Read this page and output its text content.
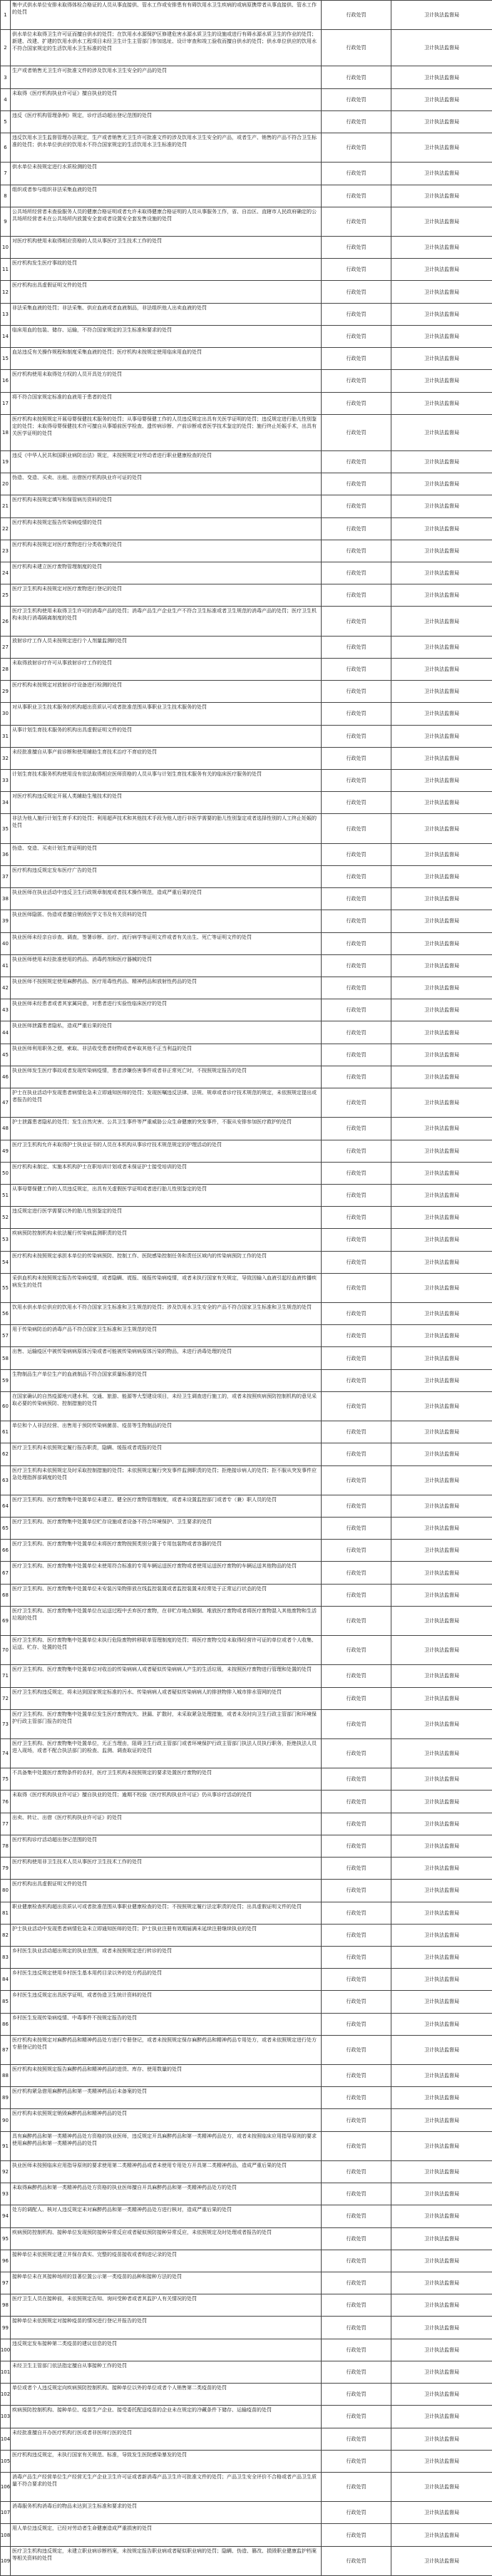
1
集中式供水单位安排未取得体检合格证的人员从事直接供、管水工作或安排患有有碍饮用水卫生疾病的或病原携带者从事直接供、管水工作的处罚
行政处罚	卫计执法监督局
2
供水单位未取得卫生许可证而擅自供水的处罚；在饮用水水源保护区修建危害水源水质卫生的设施或进行有碍水源水质卫生的作业的处罚；新建、改建、扩建的饮用水供水工程项目未经卫生计生主管部门参加选址、设计审查和竣工验收而擅自供水的处罚；供水单位供应的饮用水不符合国家规定的生活饮用水卫生标准的处罚	行政处罚	卫计执法监督局
3
生产或者销售无卫生许可批准文件的涉及饮用水卫生安全的产品的处罚
行政处罚	卫计执法监督局
4
未取得《医疗机构执业许可证》擅自执业的处罚
行政处罚	卫计执法监督局
5
违反《医疗机构管理条例》规定，诊疗活动超出登记范围的处罚
行政处罚	卫计执法监督局
6
违反饮用水卫生监督管理办法规定，生产或者销售无卫生许可批准文件的涉及饮用水卫生安全的产品，或者生产、销售的产品不符合卫生标准的处罚；供水单位供应的饮用水不符合国家规定的生活饮用水卫生标准的处罚
行政处罚	卫计执法监督局
7
供水单位未按规定进行水质检测的处罚
行政处罚	卫计执法监督局
8
组织或者参与组织非法采集血液的处罚
行政处罚	卫计执法监督局
9
公共场所经营者未查验服务人员的健康合格证明或者允许未取得健康合格证明的人员从事服务工作，省、自治区、直辖市人民政府确定的公共场所经营者未在公共场所内放置安全套或者设置安全套发售设施的处罚
行政处罚	卫计执法监督局
10
对医疗机构使用未取得相应资格的人员从事医疗卫生技术工作的处罚
行政处罚	卫计执法监督局
11
医疗机构发生医疗事故的处罚
行政处罚	卫计执法监督局
12
医疗机构出具虚假证明文件的处罚
行政处罚	卫计执法监督局
13
非法采集血液的处罚；非法采集、供应血液或者血液制品，非法组织他人出卖血液的处罚
行政处罚	卫计执法监督局
14
临床用血的包装、储存、运输，不符合国家规定的卫生标准和要求的处罚
行政处罚	卫计执法监督局
15
血站违反有关操作规程和制度采集血液的处罚；医疗机构未按规定使用临床用血的处罚
行政处罚	卫计执法监督局
16
医疗机构使用未取得处方权的人员开具处方的处罚
行政处罚	卫计执法监督局
17
将不符合国家规定标准的血液用于患者的处罚
行政处罚	卫计执法监督局
18
医疗机构未按照规定开展母婴保健技术服务的处罚；从事母婴保健工作的人员违反规定出具有关医学证明的处罚；违反规定进行胎儿性别鉴定的处罚；未取得母婴保健技术许可擅自从事婚前医学检查、遗传病诊断、产前诊断或者医学技术鉴定的处罚；施行终止妊娠手术，出具有关医学证明的处罚	行政处罚	卫计执法监督局
19
违反《中华人民共和国职业病防治法》规定，未按照规定对劳动者进行职业健康检查的处罚
行政处罚	卫计执法监督局
20
伪造、变造、买卖、出租、出借医疗机构执业许可证的处罚
行政处罚	卫计执法监督局
21
医疗机构未按规定填写和保管病历资料的处罚
行政处罚	卫计执法监督局
22
医疗机构未按规定报告传染病疫情的处罚
行政处罚	卫计执法监督局
23
医疗机构未按规定对医疗废物进行分类收集的处罚
行政处罚	卫计执法监督局
24
医疗机构未建立医疗废物管理制度的处罚
行政处罚	卫计执法监督局
25
医疗卫生机构未按规定对医疗废物进行登记的处罚
行政处罚	卫计执法监督局
26
医疗卫生机构使用未取得卫生许可的消毒产品的处罚；消毒产品生产企业生产不符合卫生标准或者卫生规范的消毒产品的处罚；医疗卫生机构未执行消毒隔离制度的处罚
行政处罚	卫计执法监督局
27
放射诊疗工作人员未按规定进行个人剂量监测的处罚
行政处罚	卫计执法监督局
28
未取得放射诊疗许可从事放射诊疗工作的处罚
行政处罚	卫计执法监督局
29
医疗机构未按规定对放射诊疗设备进行检测的处罚
行政处罚	卫计执法监督局
30
对从事职业卫生技术服务的机构超出资质认可或者批准范围从事职业卫生技术服务的处罚
行政处罚	卫计执法监督局
31
从事计划生育技术服务的机构出具虚假证明文件的处罚
行政处罚	卫计执法监督局
32
未经批准擅自从事产前诊断和使用辅助生育技术治疗不育症的处罚
行政处罚	卫计执法监督局
33
计划生育技术服务机构使用没有依法取得相应医师资格的人员从事与计划生育技术服务有关的临床医疗服务的处罚
行政处罚	卫计执法监督局
34
对医疗机构违反规定开展人类辅助生殖技术的处罚
行政处罚	卫计执法监督局
35
非法为他人施行计划生育手术的处罚；利用超声技术和其他技术手段为他人进行非医学需要的胎儿性别鉴定或者选择性别的人工终止妊娠的处罚
行政处罚	卫计执法监督局
36
伪造、变造、买卖计划生育证明的处罚
行政处罚	卫计执法监督局
37
医疗机构违反规定发布医疗广告的处罚
行政处罚	卫计执法监督局
38
执业医师在执业活动中违反卫生行政规章制度或者技术操作规范，造成严重后果的处罚
行政处罚	卫计执法监督局
39
执业医师隐匿、伪造或者擅自销毁医学文书及有关资料的处罚
行政处罚	卫计执法监督局
40
执业医师未经亲自诊查、调查，签署诊断、治疗、流行病学等证明文件或者有关出生、死亡等证明文件的处罚
行政处罚	卫计执法监督局
41
执业医师使用未经批准使用的药品、消毒药剂和医疗器械的处罚
行政处罚	卫计执法监督局
42
执业医师不按照规定使用麻醉药品、医疗用毒性药品、精神药品和放射性药品的处罚
行政处罚	卫计执法监督局
43
执业医师未经患者或者其家属同意，对患者进行实验性临床医疗的处罚
行政处罚	卫计执法监督局
44
执业医师泄露患者隐私，造成严重后果的处罚
行政处罚	卫计执法监督局
45
执业医师利用职务之便，索取、非法收受患者财物或者牟取其他不正当利益的处罚
行政处罚	卫计执法监督局
46
执业医师发生医疗事故或者发现传染病疫情，患者涉嫌伤害事件或者非正常死亡时，不按照规定报告的处罚
行政处罚	卫计执法监督局
47
护士在执业活动中发现患者病情危急未立即通知医师的处罚；发现医嘱违反法律、法规、规章或者诊疗技术规范的规定，未依照规定提出或者报告的处罚
行政处罚	卫计执法监督局
48
护士泄露患者隐私的处罚；发生自然灾害、公共卫生事件等严重威胁公众生命健康的突发事件，不服从安排参加医疗救护的处罚
行政处罚	卫计执法监督局
49
医疗卫生机构允许未取得护士执业证书的人员在本机构从事诊疗技术规范规定的护理活动的处罚
行政处罚	卫计执法监督局
50
医疗机构未制定、实施本机构护士在职培训计划或者未保证护士接受培训的处罚
行政处罚	卫计执法监督局
51
从事母婴保健工作的人员违反规定，出具有关虚假医学证明或者进行胎儿性别鉴定的处罚
行政处罚	卫计执法监督局
52
违反规定进行医学需要以外的胎儿性别鉴定的处罚
行政处罚	卫计执法监督局
53
疾病预防控制机构未依法履行传染病监测职责的处罚
行政处罚	卫计执法监督局
54
医疗机构未按照规定承担本单位的传染病预防、控制工作、医院感染控制任务和责任区域内的传染病预防工作的处罚
行政处罚	卫计执法监督局
55
采供血机构未按照规定报告传染病疫情，或者隐瞒、谎报、缓报传染病疫情，或者未执行国家有关规定，导致因输入血液引起经血液传播疾病发生的处罚
行政处罚	卫计执法监督局
56
饮用水供水单位供应的饮用水不符合国家卫生标准和卫生规范的处罚；涉及饮用水卫生安全的产品不符合国家卫生标准和卫生规范的处罚
行政处罚	卫计执法监督局
57
用于传染病防治的消毒产品不符合国家卫生标准和卫生规范的处罚
行政处罚	卫计执法监督局
58
出售、运输疫区中被传染病病原体污染或者可能被传染病病原体污染的物品，未进行消毒处理的处罚
行政处罚	卫计执法监督局
59
生物制品生产单位生产的血液制品不符合国家质量标准的处罚
行政处罚	卫计执法监督局
60
在国家确认的自然疫源地兴建水利、交通、旅游、能源等大型建设项目，未经卫生调查进行施工的，或者未按照疾病预防控制机构的意见采取必要的传染病预防、控制措施的处罚
行政处罚	卫计执法监督局
61
单位和个人非法经营、出售用于预防传染病菌苗、疫苗等生物制品的处罚
行政处罚	卫计执法监督局
62
医疗卫生机构未依照规定履行报告职责，隐瞒、缓报或者谎报的处罚
行政处罚	卫计执法监督局
63
医疗卫生机构未依照规定及时采取控制措施的处罚；未依照规定履行突发事件监测职责的处罚；拒绝接诊病人的处罚；拒不服从突发事件应急处理指挥部调度的处罚
行政处罚	卫计执法监督局
64
医疗卫生机构、医疗废物集中处置单位未建立、健全医疗废物管理制度，或者未设置监控部门或者专（兼）职人员的处罚
行政处罚	卫计执法监督局
65
医疗卫生机构、医疗废物集中处置单位贮存设施或者设备不符合环境保护、卫生要求的处罚
行政处罚	卫计执法监督局
66
医疗卫生机构、医疗废物集中处置单位未将医疗废物按照类别分置于专用包装物或者容器的处罚
行政处罚	卫计执法监督局
67
医疗卫生机构、医疗废物集中处置单位未使用符合标准的专用车辆运送医疗废物或者使用运送医疗废物的车辆运送其他物品的处罚
行政处罚	卫计执法监督局
68
医疗卫生机构、医疗废物集中处置单位未安装污染物排放在线监控装置或者监控装置未经常处于正常运行状态的处罚
行政处罚	卫计执法监督局
69
医疗卫生机构、医疗废物集中处置单位在运送过程中丢弃医疗废物，在非贮存地点倾倒、堆放医疗废物或者将医疗废物混入其他废物和生活垃圾的处罚
行政处罚	卫计执法监督局
70
医疗卫生机构、医疗废物集中处置单位未执行危险废物转移联单管理制度的处罚；将医疗废物交给未取得经营许可证的单位或者个人收集、运送、贮存、处置的处罚
行政处罚	卫计执法监督局
71
医疗卫生机构、医疗废物集中处置单位对收治的传染病病人或者疑似传染病病人产生的生活垃圾，未按照医疗废物进行管理和处置的处罚
行政处罚	卫计执法监督局
72
医疗卫生机构违反规定，将未达到国家规定标准的污水、传染病病人或者疑似传染病病人的排泄物排入城市排水管网的处罚
行政处罚	卫计执法监督局
73
医疗卫生机构、医疗废物集中处置单位发生医疗废物流失、泄漏、扩散时，未采取紧急处理措施，或者未及时向卫生行政主管部门和环境保护行政主管部门报告的处罚
行政处罚	卫计执法监督局
74
医疗卫生机构、医疗废物集中处置单位，无正当理由，阻碍卫生行政主管部门或者环境保护行政主管部门执法人员执行职务，拒绝执法人员进入现场，或者不配合执法部门的检查、监测、调查取证的处罚
行政处罚	卫计执法监督局
75
不具备集中处置医疗废物条件的农村，医疗卫生机构未按照规定的要求处置医疗废物的处罚
行政处罚	卫计执法监督局
76
未取得《医疗机构执业许可证》擅自执业的处罚；逾期不校验《医疗机构执业许可证》仍从事诊疗活动的处罚
行政处罚	卫计执法监督局
77
出卖、转让、出借《医疗机构执业许可证》的处罚
行政处罚	卫计执法监督局
78
医疗机构诊疗活动超出登记范围的处罚
行政处罚	卫计执法监督局
79
医疗机构使用非卫生技术人员从事医疗卫生技术工作的处罚
行政处罚	卫计执法监督局
80
医疗机构出具虚假证明文件的处罚
行政处罚	卫计执法监督局
81
职业健康检查机构超出资质认可或者批准范围从事职业健康检查的处罚；不按照规定履行法定职责的处罚；出具虚假证明文件的处罚
行政处罚	卫计执法监督局
82
护士执业活动中发现患者病情危急未立即通知医师的处罚；护士执业注册有效期届满未延续注册继续执业的处罚
行政处罚	卫计执法监督局
83
乡村医生执业活动超出规定的执业范围，或者未按照规定进行转诊的处罚
行政处罚	卫计执法监督局
84
乡村医生违反规定使用乡村医生基本用药目录以外的处方药品的处罚
行政处罚	卫计执法监督局
85
乡村医生违反规定出具医学证明，或者伪造卫生统计资料的处罚
行政处罚	卫计执法监督局
86
乡村医生发现传染病疫情、中毒事件不按规定报告的处罚
行政处罚	卫计执法监督局
87
医疗机构未按规定对麻醉药品和精神药品处方进行专册登记，或者未按照规定保存麻醉药品和精神药品专用处方，或者未依照规定进行处方专册登记的处罚
行政处罚	卫计执法监督局
88
医疗机构未按照规定报告麻醉药品和精神药品的进货、库存、使用数量的处罚
行政处罚	卫计执法监督局
89
医疗机构紧急借用麻醉药品和第一类精神药品后未备案的处罚
行政处罚	卫计执法监督局
90
医疗机构未依照规定销毁麻醉药品和精神药品的处罚
行政处罚	卫计执法监督局
91
具有麻醉药品和第一类精神药品处方资格的执业医师，违反规定开具麻醉药品和第一类精神药品处方，或者未按照临床应用指导原则的要求使用麻醉药品和第一类精神药品的处罚
行政处罚	卫计执法监督局
92
执业医师未按照临床应用指导原则的要求使用第二类精神药品或者未使用专用处方开具第二类精神药品，造成严重后果的处罚
行政处罚	卫计执法监督局
93
未取得麻醉药品和第一类精神药品处方资格的执业医师擅自开具麻醉药品和第一类精神药品处方的处罚
行政处罚	卫计执法监督局
94
处方的调配人、核对人违反规定未对麻醉药品和第一类精神药品处方进行核对，造成严重后果的处罚
行政处罚	卫计执法监督局
95
疾病预防控制机构、接种单位发现预防接种异常反应或者疑似预防接种异常反应，未依照规定及时处理或者报告的处罚
行政处罚	卫计执法监督局
96
接种单位未依照规定建立并保存真实、完整的疫苗接收或者购进记录的处罚
行政处罚	卫计执法监督局
97
接种单位未在其接种场所的显著位置公示第一类疫苗的品种和接种方法的处罚
行政处罚	卫计执法监督局
98
医疗卫生人员在接种前，未依照规定告知、询问受种者或者其监护人有关情况的处罚
行政处罚	卫计执法监督局
99
接种单位未依照规定对接种疫苗的情况进行登记并报告的处罚
行政处罚	卫计执法监督局
100
违反规定发布接种第二类疫苗的建议信息的处罚
行政处罚	卫计执法监督局
101
未经卫生主管部门依法指定擅自从事接种工作的处罚
行政处罚	卫计执法监督局
102
单位或者个人违反规定向疾病预防控制机构、接种单位以外的单位或者个人销售第二类疫苗的处罚
行政处罚	卫计执法监督局
103
疾病预防控制机构、接种单位、疫苗生产企业、接受委托配送疫苗的企业未在规定的冷藏条件下储存、运输疫苗的处罚
行政处罚	卫计执法监督局
104
未经批准擅自开办医疗机构行医或者非医师行医的处罚
行政处罚	卫计执法监督局
105
医疗机构违反规定，未执行国家有关规范、标准，导致发生医院感染暴发的处罚
行政处罚	卫计执法监督局
106
消毒产品生产经营单位生产经营无生产企业卫生许可证或者新消毒产品卫生许可批准文件的处罚；产品卫生安全评价不合格或者产品卫生质量不符合要求的处罚
行政处罚	卫计执法监督局
107
消毒服务机构消毒后的物品未达到卫生标准和要求的处罚
行政处罚	卫计执法监督局
108
用人单位违反规定，已经对劳动者生命健康造成严重损害的处罚
行政处罚	卫计执法监督局
109
医疗卫生机构违反规定，未建立职业病诊断档案，未按规定报告职业病或者疑似职业病的处罚；隐瞒、伪造、篡改、损毁职业健康监护档案等相关资料的处罚
行政处罚	卫计执法监督局
